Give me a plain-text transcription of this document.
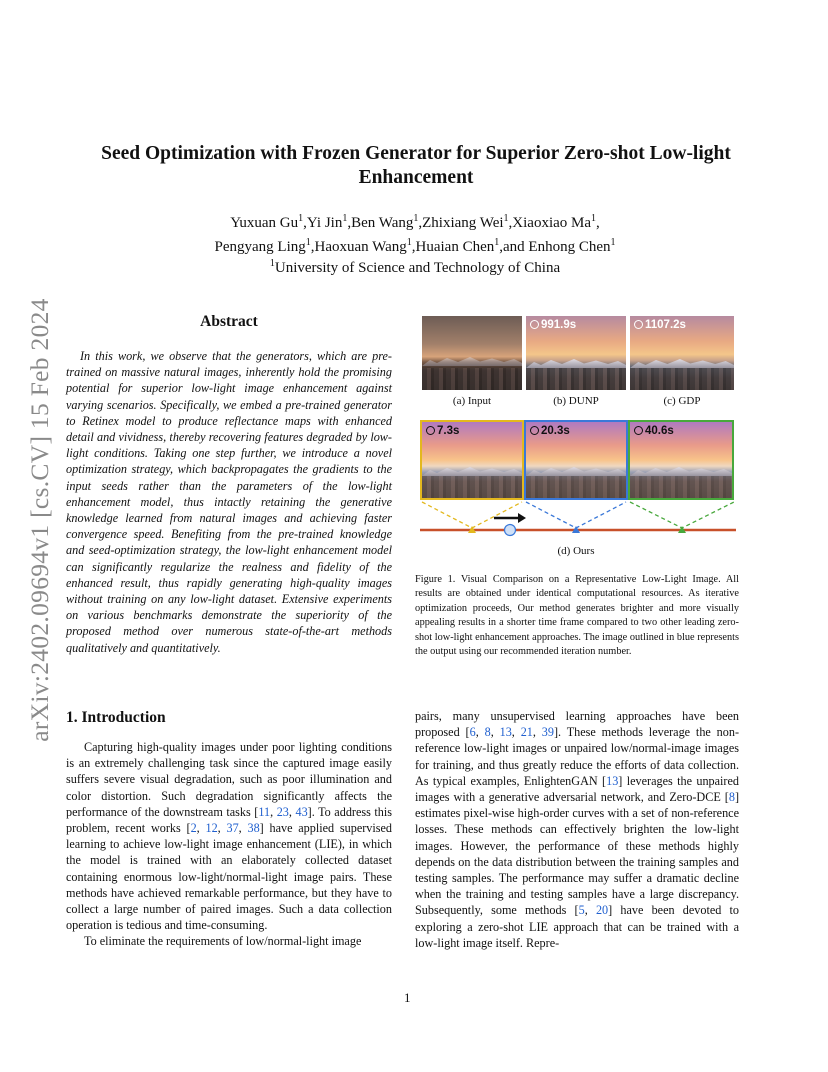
arXiv:2402.09694v1 [cs.CV] 15 Feb 2024
Seed Optimization with Frozen Generator for Superior Zero-shot Low-light Enhancement
Yuxuan Gu$^1$,Yi Jin$^1$,Ben Wang$^1$,Zhixiang Wei$^1$,Xiaoxiao Ma$^1$,
Pengyang Ling$^1$,Haoxuan Wang$^1$,Huaian Chen$^1$,and Enhong Chen$^1$
$^1$University of Science and Technology of China
Abstract
In this work, we observe that the generators, which are pre-trained on massive natural images, inherently hold the promising potential for superior low-light image enhancement against varying scenarios. Specifically, we embed a pre-trained generator to Retinex model to produce reflectance maps with enhanced detail and vividness, thereby recovering features degraded by low-light conditions. Taking one step further, we introduce a novel optimization strategy, which backpropagates the gradients to the input seeds rather than the parameters of the low-light enhancement model, thus intactly retaining the generative knowledge learned from natural images and achieving faster convergence speed. Benefiting from the pre-trained knowledge and seed-optimization strategy, the low-light enhancement model can significantly regularize the realness and fidelity of the enhanced result, thus rapidly generating high-quality images without training on any low-light dataset. Extensive experiments on various benchmarks demonstrate the superiority of the proposed method over numerous state-of-the-art methods qualitatively and quantitatively.
991.9s	1107.2s
(a) Input	(b) DUNP	(c) GDP
7.3s	20.3s	40.6s
(d) Ours
Figure 1. Visual Comparison on a Representative Low-Light Image. All results are obtained under identical computational resources. As iterative optimization proceeds, Our method generates brighter and more visually appealing results in a shorter time frame compared to two other leading zero-shot low-light enhancement approaches. The image outlined in blue represents the output using our recommended iteration number.
1. Introduction

Capturing high-quality images under poor lighting conditions is an extremely challenging task since the captured image easily suffers severe visual degradation, such as poor illumination and color distortion. Such degradation significantly affects the performance of the downstream tasks [11, 23, 43]. To address this problem, recent works [2, 12, 37, 38] have applied supervised learning to achieve low-light image enhancement (LIE), in which the model is trained with an elaborately collected dataset containing enormous low-light/normal-light image pairs. These methods have achieved remarkable performance, but they have to collect a large number of paired images. Such a data collection operation is tedious and time-consuming.

To eliminate the requirements of low/normal-light image

pairs, many unsupervised learning approaches have been proposed [6, 8, 13, 21, 39]. These methods leverage the non-reference low-light images or unpaired low/normal-image images for training, and thus greatly reduce the efforts of data collection. As typical examples, EnlightenGAN [13] leverages the unpaired images with a generative adversarial network, and Zero-DCE [8] estimates pixel-wise high-order curves with a set of non-reference losses. These methods can effectively brighten the low-light images. However, the performance of these methods highly depends on the data distribution between the training samples and testing samples. The performance may suffer a dramatic decline when the training and testing samples have a large discrepancy. Subsequently, some methods [5, 20] have been devoted to exploring a zero-shot LIE approach that can be trained with a low-light image itself. Repre-

1
